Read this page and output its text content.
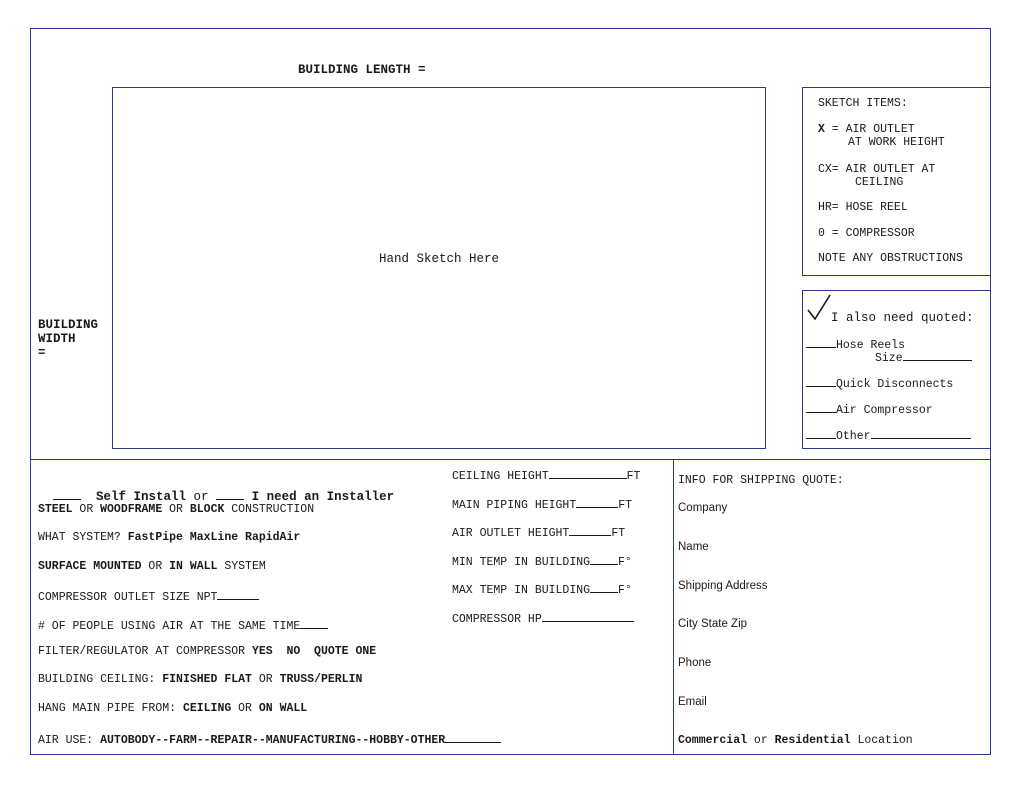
BUILDING LENGTH =
Hand Sketch Here
BUILDING
WIDTH
=
SKETCH ITEMS:
X = AIR OUTLET
AT WORK HEIGHT
CX= AIR OUTLET AT
CEILING
HR= HOSE REEL
0 = COMPRESSOR
NOTE ANY OBSTRUCTIONS
I also need quoted:
Hose Reels
Size
Quick Disconnects
Air Compressor
Other

Self Install or	I need an Installer

STEEL OR WOODFRAME OR BLOCK CONSTRUCTION
WHAT SYSTEM? FastPipe MaxLine RapidAir
SURFACE MOUNTED OR IN WALL SYSTEM
COMPRESSOR OUTLET SIZE NPT
# OF PEOPLE USING AIR AT THE SAME TIME
FILTER/REGULATOR AT COMPRESSOR YES  NO  QUOTE ONE
BUILDING CEILING: FINISHED FLAT OR TRUSS/PERLIN
HANG MAIN PIPE FROM: CEILING OR ON WALL
AIR USE: AUTOBODY--FARM--REPAIR--MANUFACTURING--HOBBY-OTHER
CEILING HEIGHT	FT
MAIN PIPING HEIGHT	FT
AIR OUTLET HEIGHT	FT
MIN TEMP IN BUILDING F°
MAX TEMP IN BUILDING F°
COMPRESSOR HP
INFO FOR SHIPPING QUOTE:
Company
Name
Shipping Address
City State Zip
Phone
Email
Commercial or Residential Location
